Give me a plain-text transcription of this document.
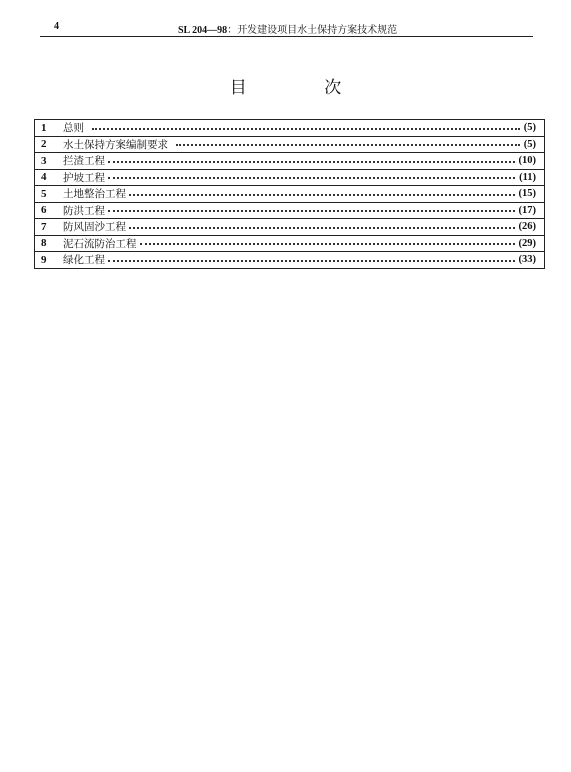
4	SL 204—98：开发建设项目水土保持方案技术规范
目 次
1	总则	(5)
2	水土保持方案编制要求	(5)
3	拦渣工程	(10)
4	护坡工程	(11)
5	土地整治工程	(15)
6	防洪工程	(17)
7	防风固沙工程	(26)
8	泥石流防治工程	(29)
9	绿化工程	(33)
